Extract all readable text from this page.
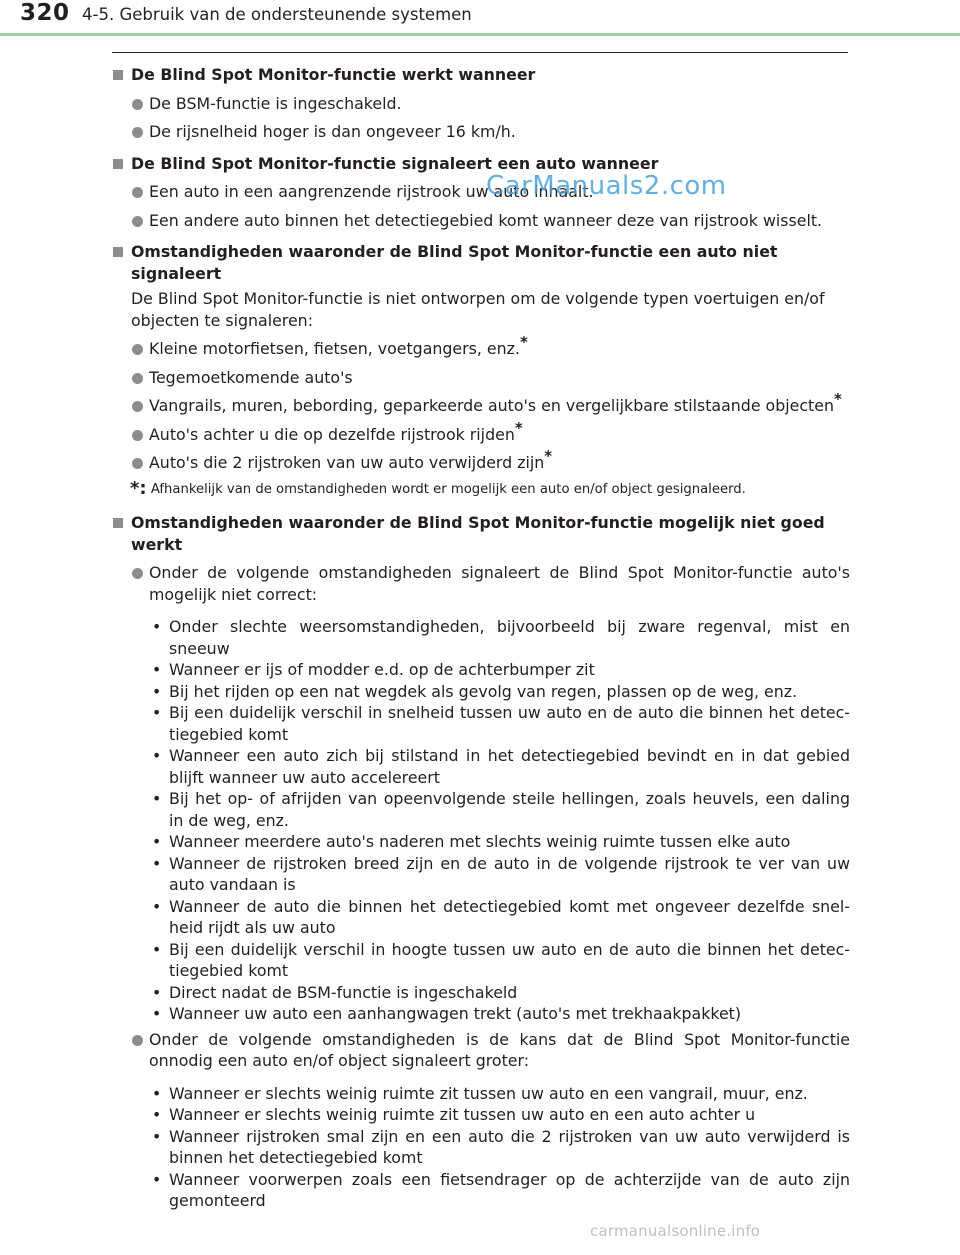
320 4-5. Gebruik van de ondersteunende systemen
De Blind Spot Monitor-functie werkt wanneer
De BSM-functie is ingeschakeld.
De rijsnelheid hoger is dan ongeveer 16 km/h.
De Blind Spot Monitor-functie signaleert een auto wanneer
Een auto in een aangrenzende rijstrook uw auto inhaalt.
Een andere auto binnen het detectiegebied komt wanneer deze van rijstrook wisselt.
Omstandigheden waaronder de Blind Spot Monitor-functie een auto niet signaleert
De Blind Spot Monitor-functie is niet ontworpen om de volgende typen voertuigen en/of objecten te signaleren:
Kleine motorfietsen, fietsen, voetgangers, enz.*
Tegemoetkomende auto's
Vangrails, muren, bebording, geparkeerde auto's en vergelijkbare stilstaande objecten*
Auto's achter u die op dezelfde rijstrook rijden*
Auto's die 2 rijstroken van uw auto verwijderd zijn*
*: Afhankelijk van de omstandigheden wordt er mogelijk een auto en/of object gesignaleerd.
Omstandigheden waaronder de Blind Spot Monitor-functie mogelijk niet goed werkt
Onder de volgende omstandigheden signaleert de Blind Spot Monitor-functie auto's mogelijk niet correct:
• Onder slechte weersomstandigheden, bijvoorbeeld bij zware regenval, mist en sneeuw
• Wanneer er ijs of modder e.d. op de achterbumper zit
• Bij het rijden op een nat wegdek als gevolg van regen, plassen op de weg, enz.
• Bij een duidelijk verschil in snelheid tussen uw auto en de auto die binnen het detec-tiegebied komt
• Wanneer een auto zich bij stilstand in het detectiegebied bevindt en in dat gebied blijft wanneer uw auto accelereert
• Bij het op- of afrijden van opeenvolgende steile hellingen, zoals heuvels, een daling in de weg, enz.
• Wanneer meerdere auto's naderen met slechts weinig ruimte tussen elke auto
• Wanneer de rijstroken breed zijn en de auto in de volgende rijstrook te ver van uw auto vandaan is
• Wanneer de auto die binnen het detectiegebied komt met ongeveer dezelfde snel-heid rijdt als uw auto
• Bij een duidelijk verschil in hoogte tussen uw auto en de auto die binnen het detec-tiegebied komt
• Direct nadat de BSM-functie is ingeschakeld
• Wanneer uw auto een aanhangwagen trekt (auto's met trekhaakpakket)
Onder de volgende omstandigheden is de kans dat de Blind Spot Monitor-functie onnodig een auto en/of object signaleert groter:
• Wanneer er slechts weinig ruimte zit tussen uw auto en een vangrail, muur, enz.
• Wanneer er slechts weinig ruimte zit tussen uw auto en een auto achter u
• Wanneer rijstroken smal zijn en een auto die 2 rijstroken van uw auto verwijderd is binnen het detectiegebied komt
• Wanneer voorwerpen zoals een fietsendrager op de achterzijde van de auto zijn gemonteerd
CarManuals2.com
carmanualsonline.info
